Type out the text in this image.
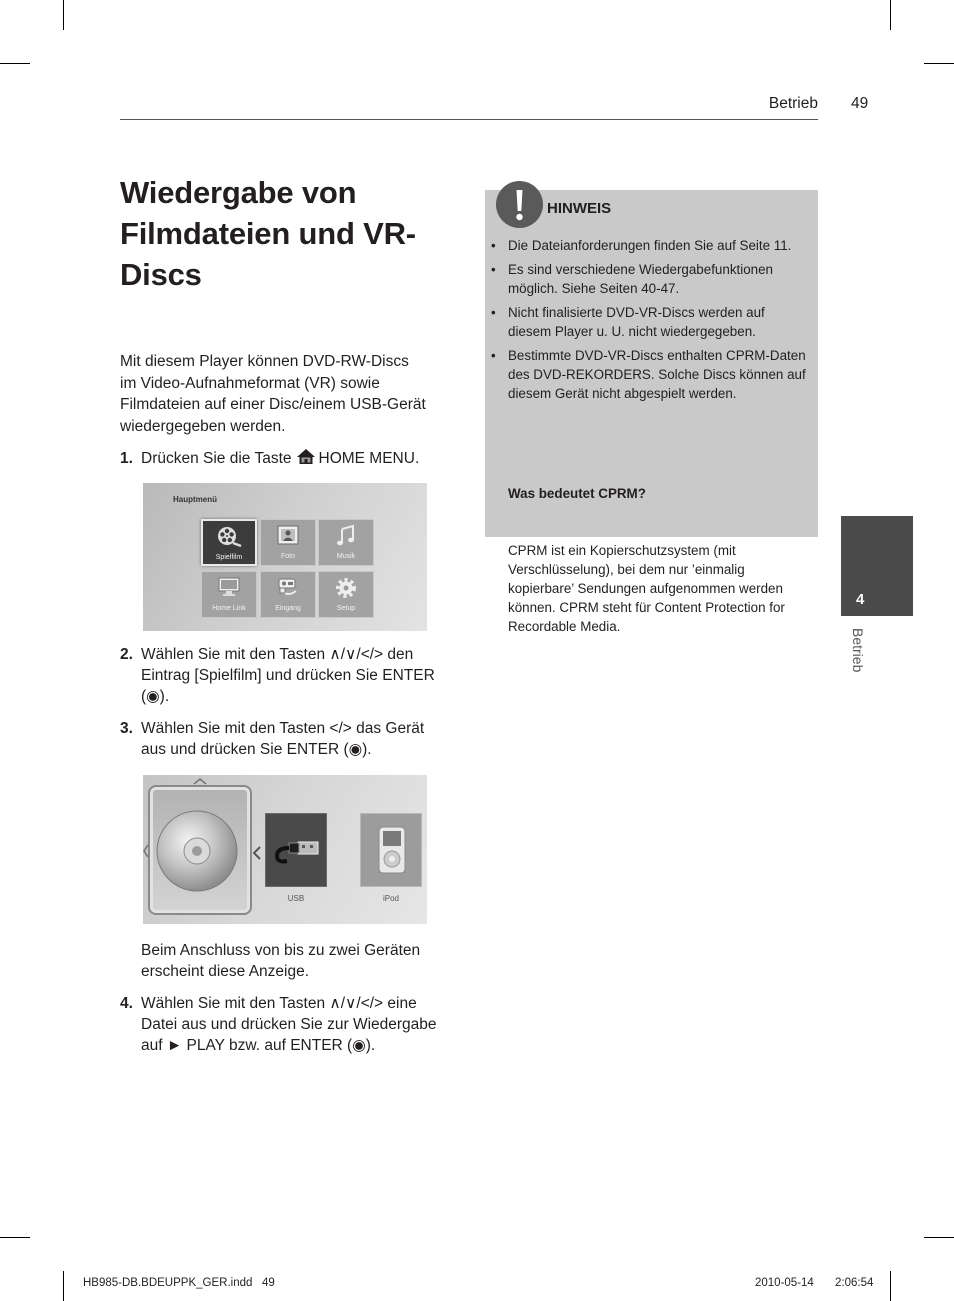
Betrieb 49
Wiedergabe von
Filmdateien und VR-
Discs

Mit diesem Player können DVD-RW-Discs
im Video-Aufnahmeformat (VR) sowie
Filmdateien auf einer Disc/einem USB-Gerät
wiedergegeben werden.

1. Drücken Sie die Taste HOME MENU.
Hauptmenü
Spielfilm	Foto	Musik
Home Link	Eingang	Setup
2. Wählen Sie mit den Tasten ∧/∨/</> den
Eintrag [Spielfilm] und drücken Sie ENTER
(◉).
3. Wählen Sie mit den Tasten </> das Gerät
aus und drücken Sie ENTER (◉).
USB	iPod
Beim Anschluss von bis zu zwei Geräten
erscheint diese Anzeige.
4. Wählen Sie mit den Tasten ∧/∨/</> eine
Datei aus und drücken Sie zur Wiedergabe
auf ► PLAY bzw. auf ENTER (◉).
HINWEIS
• Die Dateianforderungen finden Sie auf Seite 11.
• Es sind verschiedene Wiedergabefunktionen
möglich. Siehe Seiten 40-47.
• Nicht finalisierte DVD-VR-Discs werden auf
diesem Player u. U. nicht wiedergegeben.
• Bestimmte DVD-VR-Discs enthalten CPRM-Daten
des DVD-REKORDERS. Solche Discs können auf
diesem Gerät nicht abgespielt werden.

Was bedeutet CPRM?

CPRM ist ein Kopierschutzsystem (mit
Verschlüsselung), bei dem nur ’einmalig
kopierbare’ Sendungen aufgenommen werden
können. CPRM steht für Content Protection for
Recordable Media.

4
Betrieb
HB985-DB.BDEUPPK_GER.indd   49	2010-05-14 2:06:54
